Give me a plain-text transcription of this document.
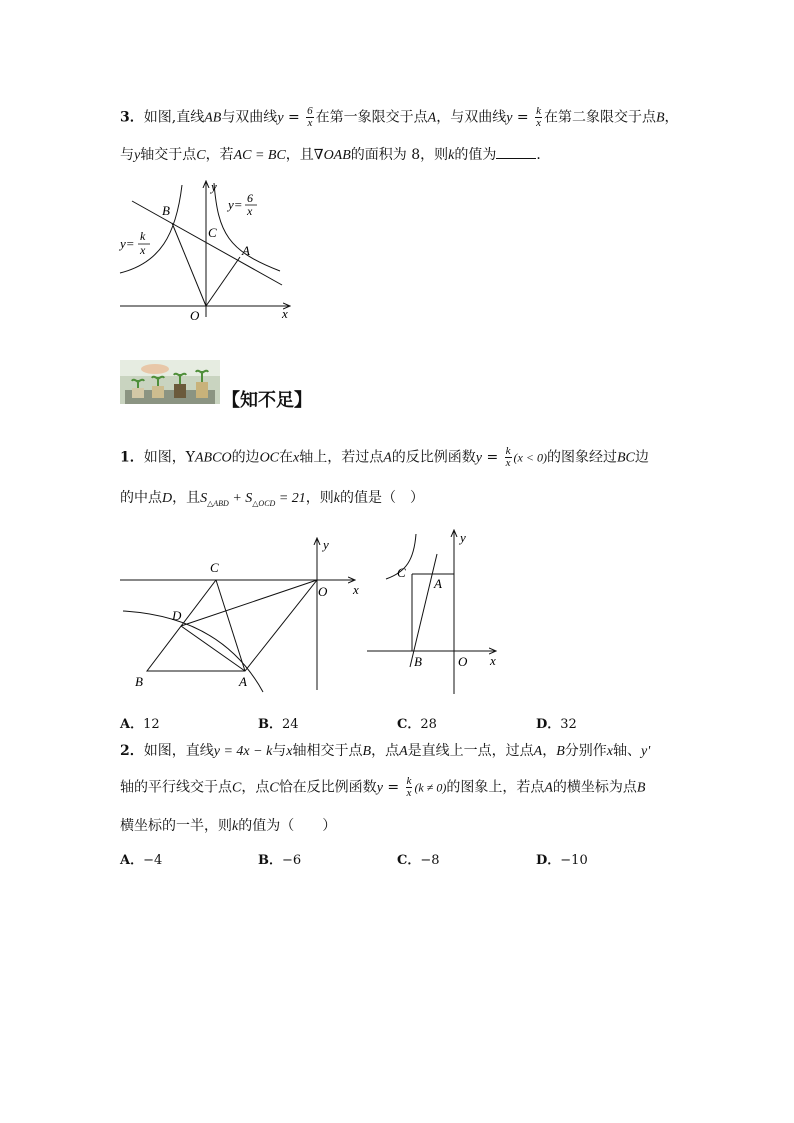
3．如图,直线AB与双曲线$y = \frac{6}{x}$ 在第一象限交于点A，与双曲线$y = \frac{k}{x}$ 在第二象限交于点B，
与y轴交于点C，若AC = BC，且∇OAB的面积为 8，则k的值为	．
y
x
O
A
B
C
y= 6
x
y= k
x
【知不足】
1．如图，YABCO的边OC在x轴上，若过点A的反比例函数$y = \frac{k}{x} (x < 0)$的图象经过BC边
的中点D，且$S_{\triangle ABD} + S_{\triangle OCD} = 21$，则k的值是（　）
C
D
B	A
O x
y
C
A
B	O x
y
A．12	B．24	C．28	D．32
2．如图，直线y = 4x − k与x轴相交于点B，点A是直线上一点，过点A，B分别作x轴、y'
轴的平行线交于点C，点C恰在反比例函数$y = \frac{k}{x} (k \ne 0)$的图象上，若点A的横坐标为点B
横坐标的一半，则k的值为（　　）
A．−4	B．−6	C．−8	D．−10
